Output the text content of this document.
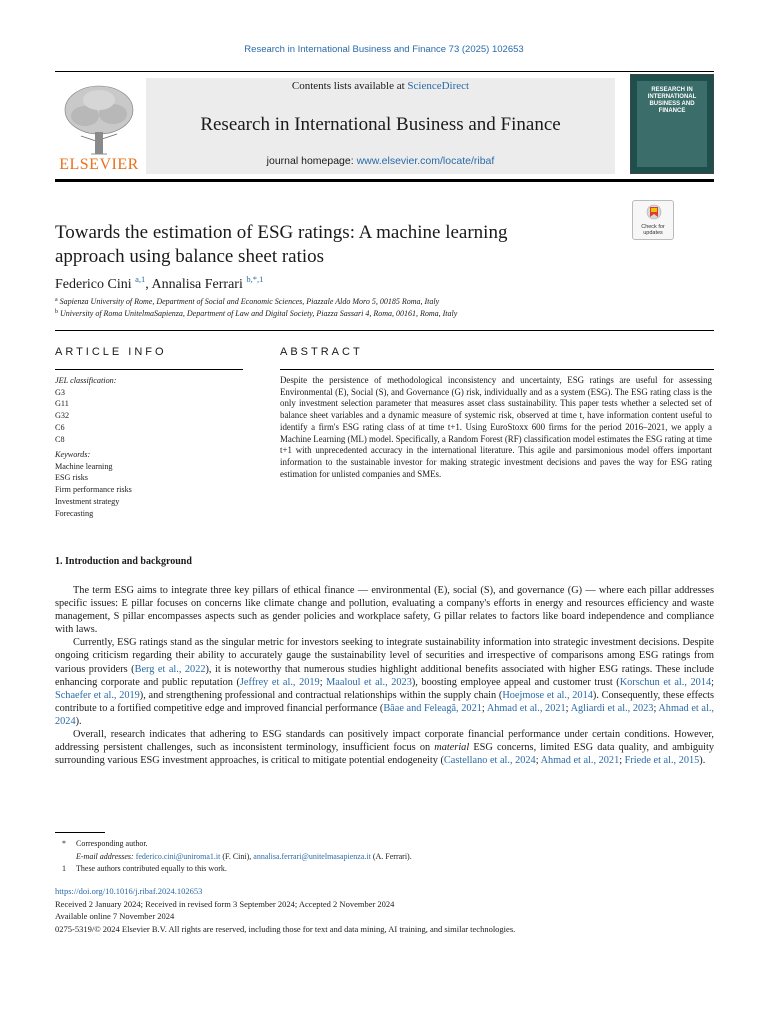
Research in International Business and Finance 73 (2025) 102653
ELSEVIER
Contents lists available at ScienceDirect
Research in International Business and Finance
journal homepage: www.elsevier.com/locate/ribaf
RESEARCH IN INTERNATIONAL BUSINESS AND FINANCE
Check for
updates
Towards the estimation of ESG ratings: A machine learning approach using balance sheet ratios
Federico Cini $^{a,1}$, Annalisa Ferrari $^{b,*,1}$
$^a$ Sapienza University of Rome, Department of Social and Economic Sciences, Piazzale Aldo Moro 5, 00185 Roma, Italy
$^b$ University of Roma UnitelmaSapienza, Department of Law and Digital Society, Piazza Sassari 4, Roma, 00161, Roma, Italy
ARTICLE INFO
JEL classification:
G3
G11
G32
C6
C8
Keywords:
Machine learning
ESG risks
Firm performance risks
Investment strategy
Forecasting
ABSTRACT
Despite the persistence of methodological inconsistency and uncertainty, ESG ratings are useful for assessing Environmental (E), Social (S), and Governance (G) risk, individually and as a system (ESG). The ESG rating class is the only investment selection parameter that measures asset class sustainability. This paper tests whether a selected set of balance sheet variables and a dynamic measure of systemic risk, observed at time t, have information content useful to identify a firm's ESG rating class of at time t+1. Using EuroStoxx 600 firms for the period 2016–2021, we apply a Machine Learning (ML) model. Specifically, a Random Forest (RF) classification model estimates the ESG rating at time t+1 with unprecedented accuracy in the international literature. This agile and parsimonious model offers important information to the sustainable investor for making strategic investment decisions and paves the way for ESG rating estimation for unlisted companies and SMEs.
1. Introduction and background

The term ESG aims to integrate three key pillars of ethical finance — environmental (E), social (S), and governance (G) — where each pillar addresses specific issues: E pillar focuses on concerns like climate change and pollution, evaluating a company's efforts in energy and resources efficiency and waste management, S pillar encompasses aspects such as gender policies and workplace safety, G pillar relates to factors like board independence and compliance with laws.

Currently, ESG ratings stand as the singular metric for investors seeking to integrate sustainability information into strategic investment decisions. Despite ongoing criticism regarding their ability to accurately gauge the sustainability level of securities and irrespective of comparisons among ESG ratings from various providers (Berg et al., 2022), it is noteworthy that numerous studies highlight additional benefits associated with higher ESG ratings. These include enhancing corporate and public reputation (Jeffrey et al., 2019; Maaloul et al., 2023), boosting employee appeal and customer trust (Korschun et al., 2014; Schaefer et al., 2019), and strengthening professional and contractual relationships within the supply chain (Hoejmose et al., 2014). Consequently, these effects contribute to a fortified competitive edge and improved financial performance (Bâae and Feleagă, 2021; Ahmad et al., 2021; Agliardi et al., 2023; Ahmad et al., 2024).

Overall, research indicates that adhering to ESG standards can positively impact corporate financial performance under certain conditions. However, addressing persistent challenges, such as inconsistent terminology, insufficient focus on material ESG concerns, limited ESG data quality, and ambiguity surrounding various ESG investment approaches, is critical to mitigate potential endogeneity (Castellano et al., 2024; Ahmad et al., 2021; Friede et al., 2015).

* Corresponding author.
E-mail addresses: federico.cini@uniroma1.it (F. Cini), annalisa.ferrari@unitelmasapienza.it (A. Ferrari).
1 These authors contributed equally to this work.
https://doi.org/10.1016/j.ribaf.2024.102653
Received 2 January 2024; Received in revised form 3 September 2024; Accepted 2 November 2024
Available online 7 November 2024
0275-5319/© 2024 Elsevier B.V. All rights are reserved, including those for text and data mining, AI training, and similar technologies.
